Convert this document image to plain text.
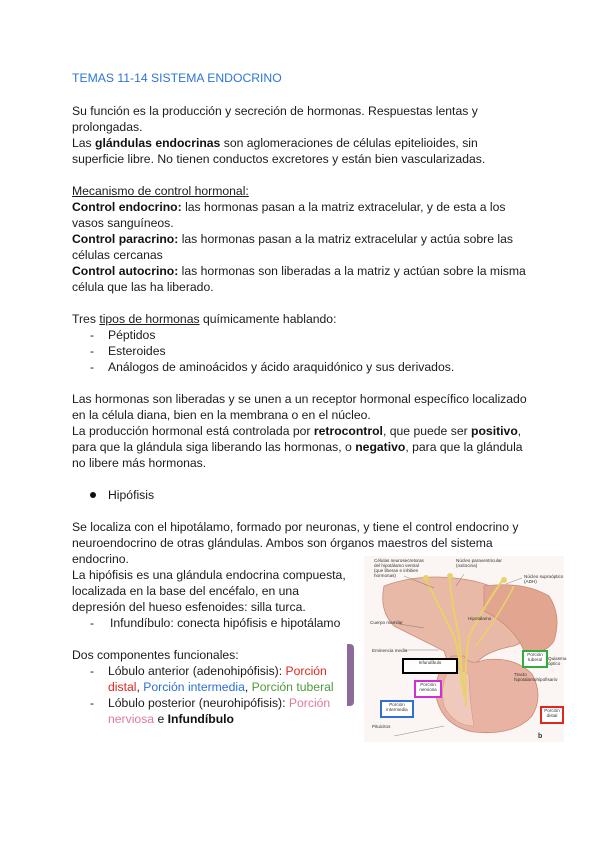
TEMAS 11-14 SISTEMA ENDOCRINO
Su función es la producción y secreción de hormonas. Respuestas lentas y
prolongadas.
Las glándulas endocrinas son aglomeraciones de células epitelioides, sin
superficie libre. No tienen conductos excretores y están bien vascularizadas.
Mecanismo de control hormonal:
Control endocrino: las hormonas pasan a la matriz extracelular, y de esta a los
vasos sanguíneos.
Control paracrino: las hormonas pasan a la matriz extracelular y actúa sobre las
células cercanas
Control autocrino: las hormonas son liberadas a la matriz y actúan sobre la misma
célula que las ha liberado.
Tres tipos de hormonas químicamente hablando:
- Péptidos
- Esteroides
- Análogos de aminoácidos y ácido araquidónico y sus derivados.
Las hormonas son liberadas y se unen a un receptor hormonal específico localizado
en la célula diana, bien en la membrana o en el núcleo.
La producción hormonal está controlada por retrocontrol, que puede ser positivo,
para que la glándula siga liberando las hormonas, o negativo, para que la glándula
no libere más hormonas.
Hipófisis
Se localiza con el hipotálamo, formado por neuronas, y tiene el control endocrino y
neuroendocrino de otras glándulas. Ambos son órganos maestros del sistema
endocrino.
La hipófisis es una glándula endocrina compuesta,
localizada en la base del encéfalo, en una
depresión del hueso esfenoides: silla turca.
- Infundíbulo: conecta hipófisis e hipotálamo
Dos componentes funcionales:
- Lóbulo anterior (adenohipófisis): Porción
distal, Porción intermedia, Porción tuberal
- Lóbulo posterior (neurohipófisis): Porción
nerviosa e Infundíbulo
Células neurosecretoras
del hipotálamo ventral
(que liberan e inhiben
hormonas)
Núcleo paraventricular
(oxitocina)
Núcleo supraóptico
(ADH)
Hipotálamo
Cuerpo mamilar
Eminencia media
Infundíbulo
Porción
tuberal	Quiasma
óptico
Tracto
hipotalamohipofisario
Porción
nerviosa
Porción
intermedia	Porción
distal
Pituicitos
b
